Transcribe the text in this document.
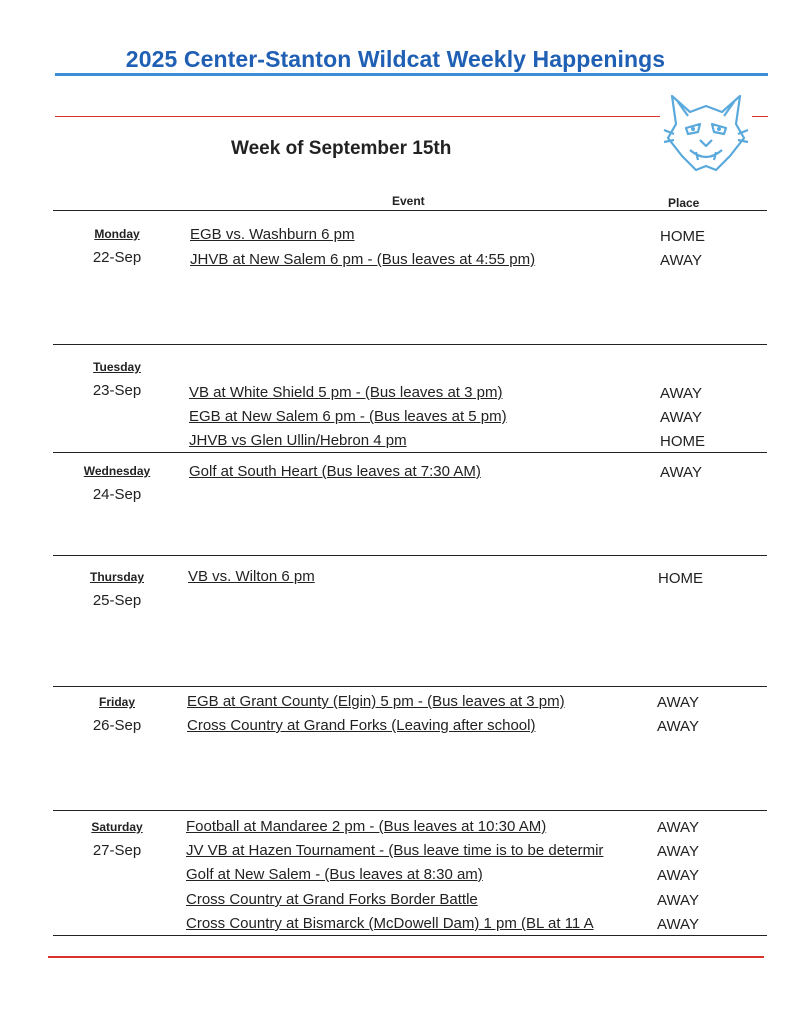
2025 Center-Stanton Wildcat Weekly Happenings
Week of September 15th
Event	Place
Monday
22-Sep
EGB vs. Washburn 6 pm	HOME
JHVB at New Salem 6 pm - (Bus leaves at 4:55 pm)	AWAY
Tuesday
23-Sep	VB at White Shield 5 pm - (Bus leaves at 3 pm)	AWAY
EGB at New Salem 6 pm - (Bus leaves at 5 pm)	AWAY
JHVB vs Glen Ullin/Hebron 4 pm	HOME
Wednesday
24-Sep
Golf at South Heart (Bus leaves at 7:30 AM)	AWAY
Thursday
25-Sep
VB vs. Wilton 6 pm	HOME
Friday
26-Sep
EGB at Grant County (Elgin) 5 pm - (Bus leaves at 3 pm)	AWAY
Cross Country at Grand Forks (Leaving after school)	AWAY
Saturday
27-Sep
Football at Mandaree 2 pm - (Bus leaves at 10:30 AM)	AWAY
JV VB at Hazen Tournament - (Bus leave time is to be determir	AWAY
Golf at New Salem - (Bus leaves at 8:30 am)	AWAY
Cross Country at Grand Forks Border Battle	AWAY
Cross Country at Bismarck (McDowell Dam) 1 pm (BL at 11 A	AWAY
